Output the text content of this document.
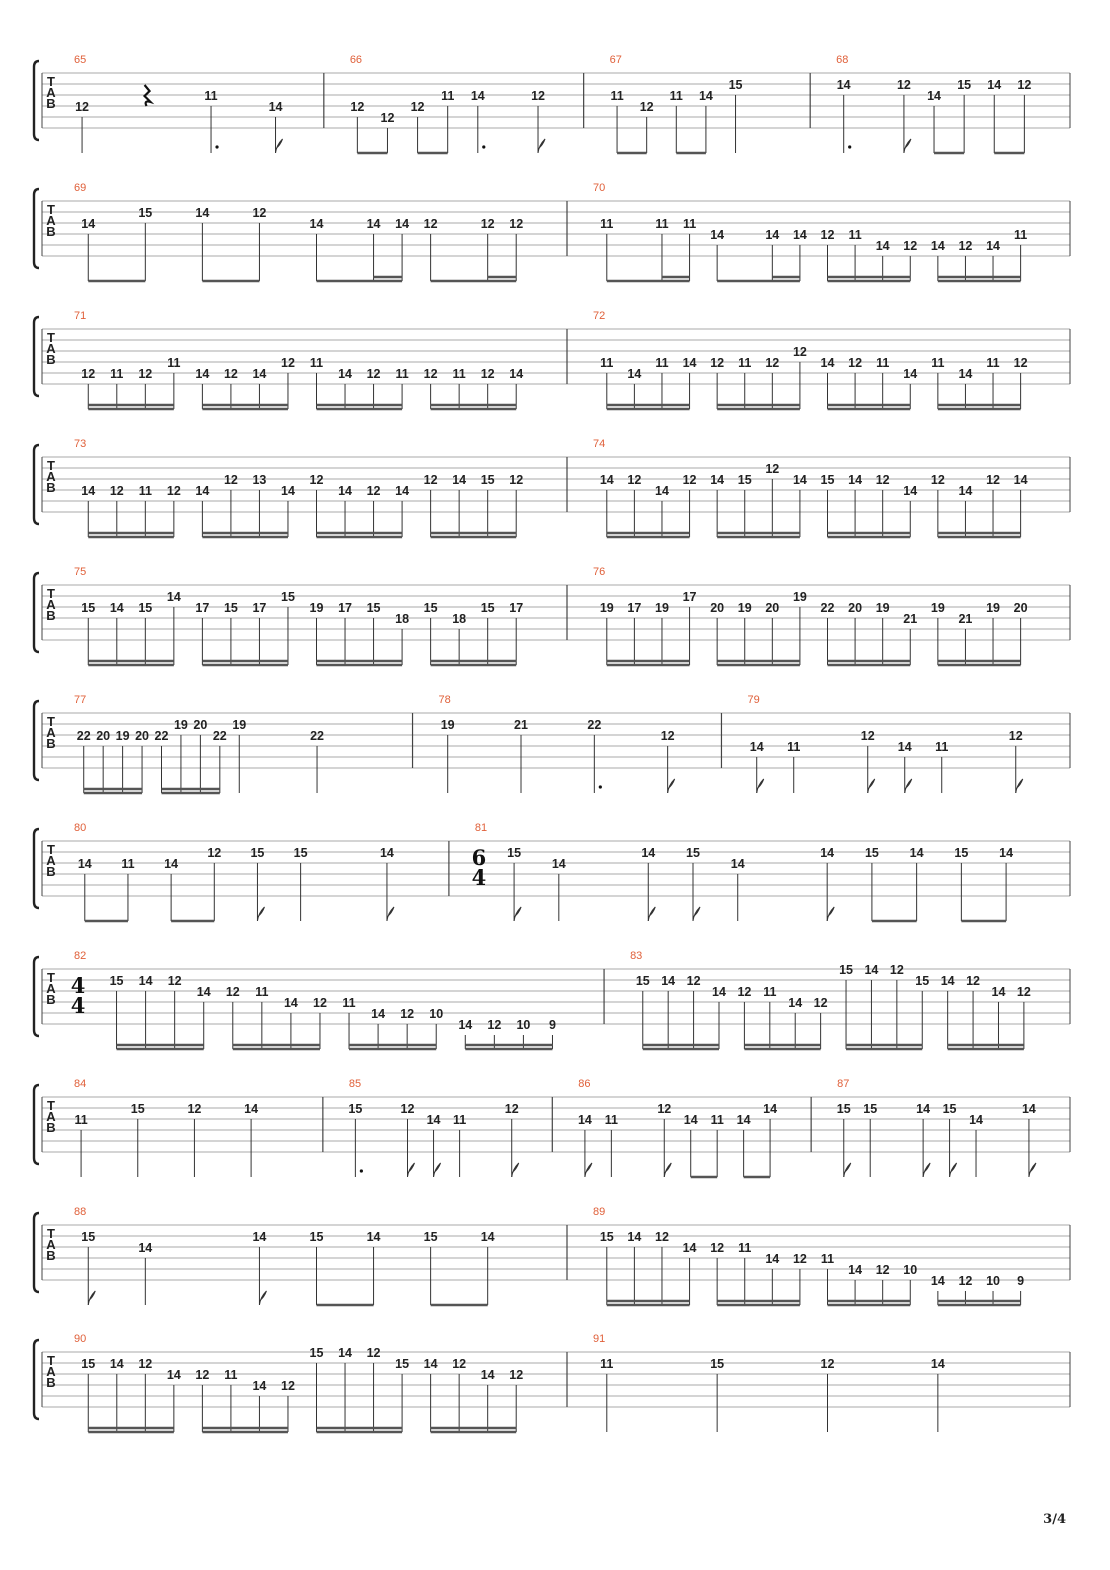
T
A
B
65
12
11
14
66
12
12
12
11 14	12
67
11
12
11 14
15
68
14	12
14
15 14 12
T
A
B
69
14
15	14	12
14	14 14 12	12 12
70
11	11 11
14	14 14 12 11
14 12 14 12 14
11
T
A
B
71
12 11 12
11
14 12 14
12 11
14 12 11 12 11 12 14
72
11
14
11 14 12 11 12
12
14 12 11
14
11
14
11 12
T
A
B
73
14 12 11 12 14
12 13
14
12
14 12 14
12 14 15 12
74
14 12
14
12 14 15
12
14 15 14 12
14
12
14
12 14
T
A
B
75
15 14 15
14
17 15 17
15
19 17 15
18
15
18
15 17
76
19 17 19
17
20 19 20
19
22 20 19
21
19
21
19 20
T
A
B
77
22 20 19 20 22
19 20
22
19
22
78
19	21	22
12
79
14 11
12
14 11
12
T
A
B
80
14 11 14
12 15 15	14
81
6
4
15
14
14 15
14
14 15 14 15 14
T
A
B
82
4
4
15 14 12
14 12 11
14 12 11
14 12 10
14 12 10 9
83
15 14 12
14 12 11
14 12
15 14 12
15 14 12
14 12
T
A
B
84
11
15	12	14
85
15	12
14 11
12
86
14 11
12
14 11 14
14
87
15 15	14 15
14
14
T
A
B
88
15
14
14	15	14	15	14
89
15 14 12
14 12 11
14 12 11
14 12 10
14 12 10 9
T
A
B
90
15 14 12
14 12 11
14 12
15 14 12
15 14 12
14 12
91
11	15	12	14
3/4
